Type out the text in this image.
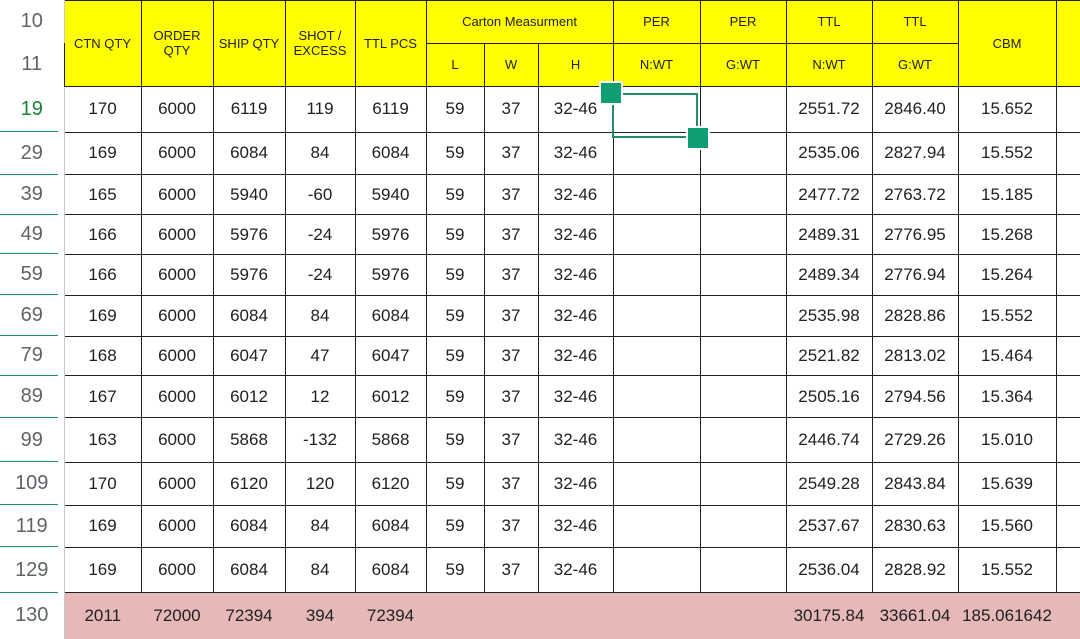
10	CTN QTY	ORDER QTY	SHIP QTY	SHOT / EXCESS	TTL PCS	Carton Measurment			PER	PER	TTL	TTL	CBM	
11						L	W	H	N:WT	G:WT	N:WT	G:WT		
19	170	6000	6119	119	6119	59	37	32-46			2551.72	2846.40	15.652	
29	169	6000	6084	84	6084	59	37	32-46			2535.06	2827.94	15.552	
39	165	6000	5940	-60	5940	59	37	32-46			2477.72	2763.72	15.185	
49	166	6000	5976	-24	5976	59	37	32-46			2489.31	2776.95	15.268	
59	166	6000	5976	-24	5976	59	37	32-46			2489.34	2776.94	15.264	
69	169	6000	6084	84	6084	59	37	32-46			2535.98	2828.86	15.552	
79	168	6000	6047	47	6047	59	37	32-46			2521.82	2813.02	15.464	
89	167	6000	6012	12	6012	59	37	32-46			2505.16	2794.56	15.364	
99	163	6000	5868	-132	5868	59	37	32-46			2446.74	2729.26	15.010	
109	170	6000	6120	120	6120	59	37	32-46			2549.28	2843.84	15.639	
119	169	6000	6084	84	6084	59	37	32-46			2537.67	2830.63	15.560	
129	169	6000	6084	84	6084	59	37	32-46			2536.04	2828.92	15.552	
130	2011	72000	72394	394	72394						30175.84	33661.04	185.061642	
